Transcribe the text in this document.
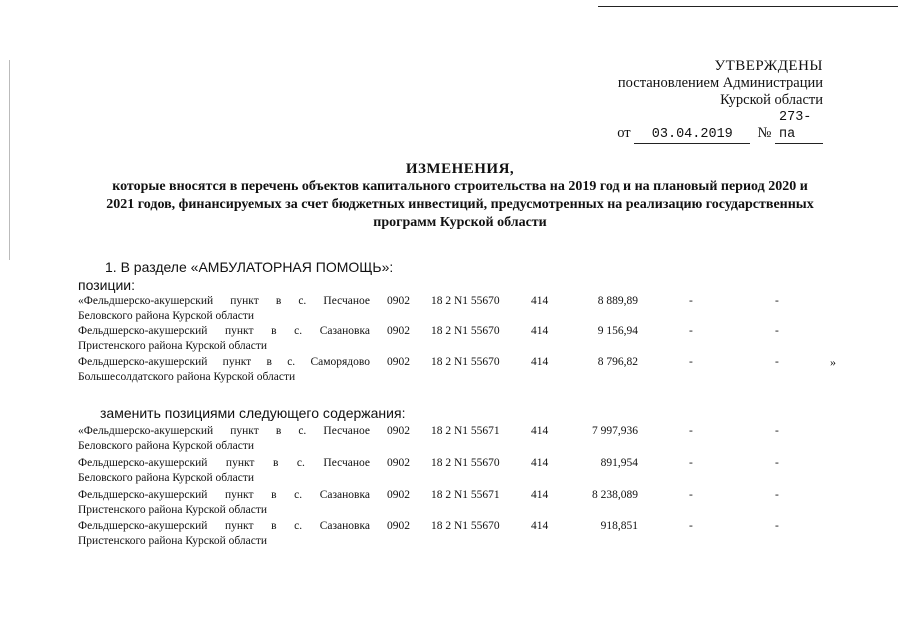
УТВЕРЖДЕНЫ
постановлением Администрации
Курской области
от 03.04.2019 № 273-па
ИЗМЕНЕНИЯ,
которые вносятся в перечень объектов капитального строительства на 2019 год и на плановый период 2020 и
2021 годов, финансируемых за счет бюджетных инвестиций, предусмотренных на реализацию государственных
программ Курской области
1. В разделе «АМБУЛАТОРНАЯ ПОМОЩЬ»:
позиции:
заменить позициями следующего содержания:
«Фельдшерско-акушерский пункт в с. Песчаное
Беловского района Курской области
0902 18 2 N1 55670	414	8 889,89	-	-
Фельдшерско-акушерский пункт в с. Сазановка
Пристенского района Курской области
0902 18 2 N1 55670	414	9 156,94	-	-
Фельдшерско-акушерский пункт в с. Саморядово
Большесолдатского района Курской области
0902 18 2 N1 55670	414	8 796,82	-	-	»
«Фельдшерско-акушерский пункт в с. Песчаное
Беловского района Курской области
0902 18 2 N1 55671	414	7 997,936	-	-
Фельдшерско-акушерский пункт в с. Песчаное
Беловского района Курской области
0902 18 2 N1 55670	414	891,954	-	-
Фельдшерско-акушерский пункт в с. Сазановка
Пристенского района Курской области
0902 18 2 N1 55671	414	8 238,089	-	-
Фельдшерско-акушерский пункт в с. Сазановка
Пристенского района Курской области
0902 18 2 N1 55670	414	918,851	-	-
